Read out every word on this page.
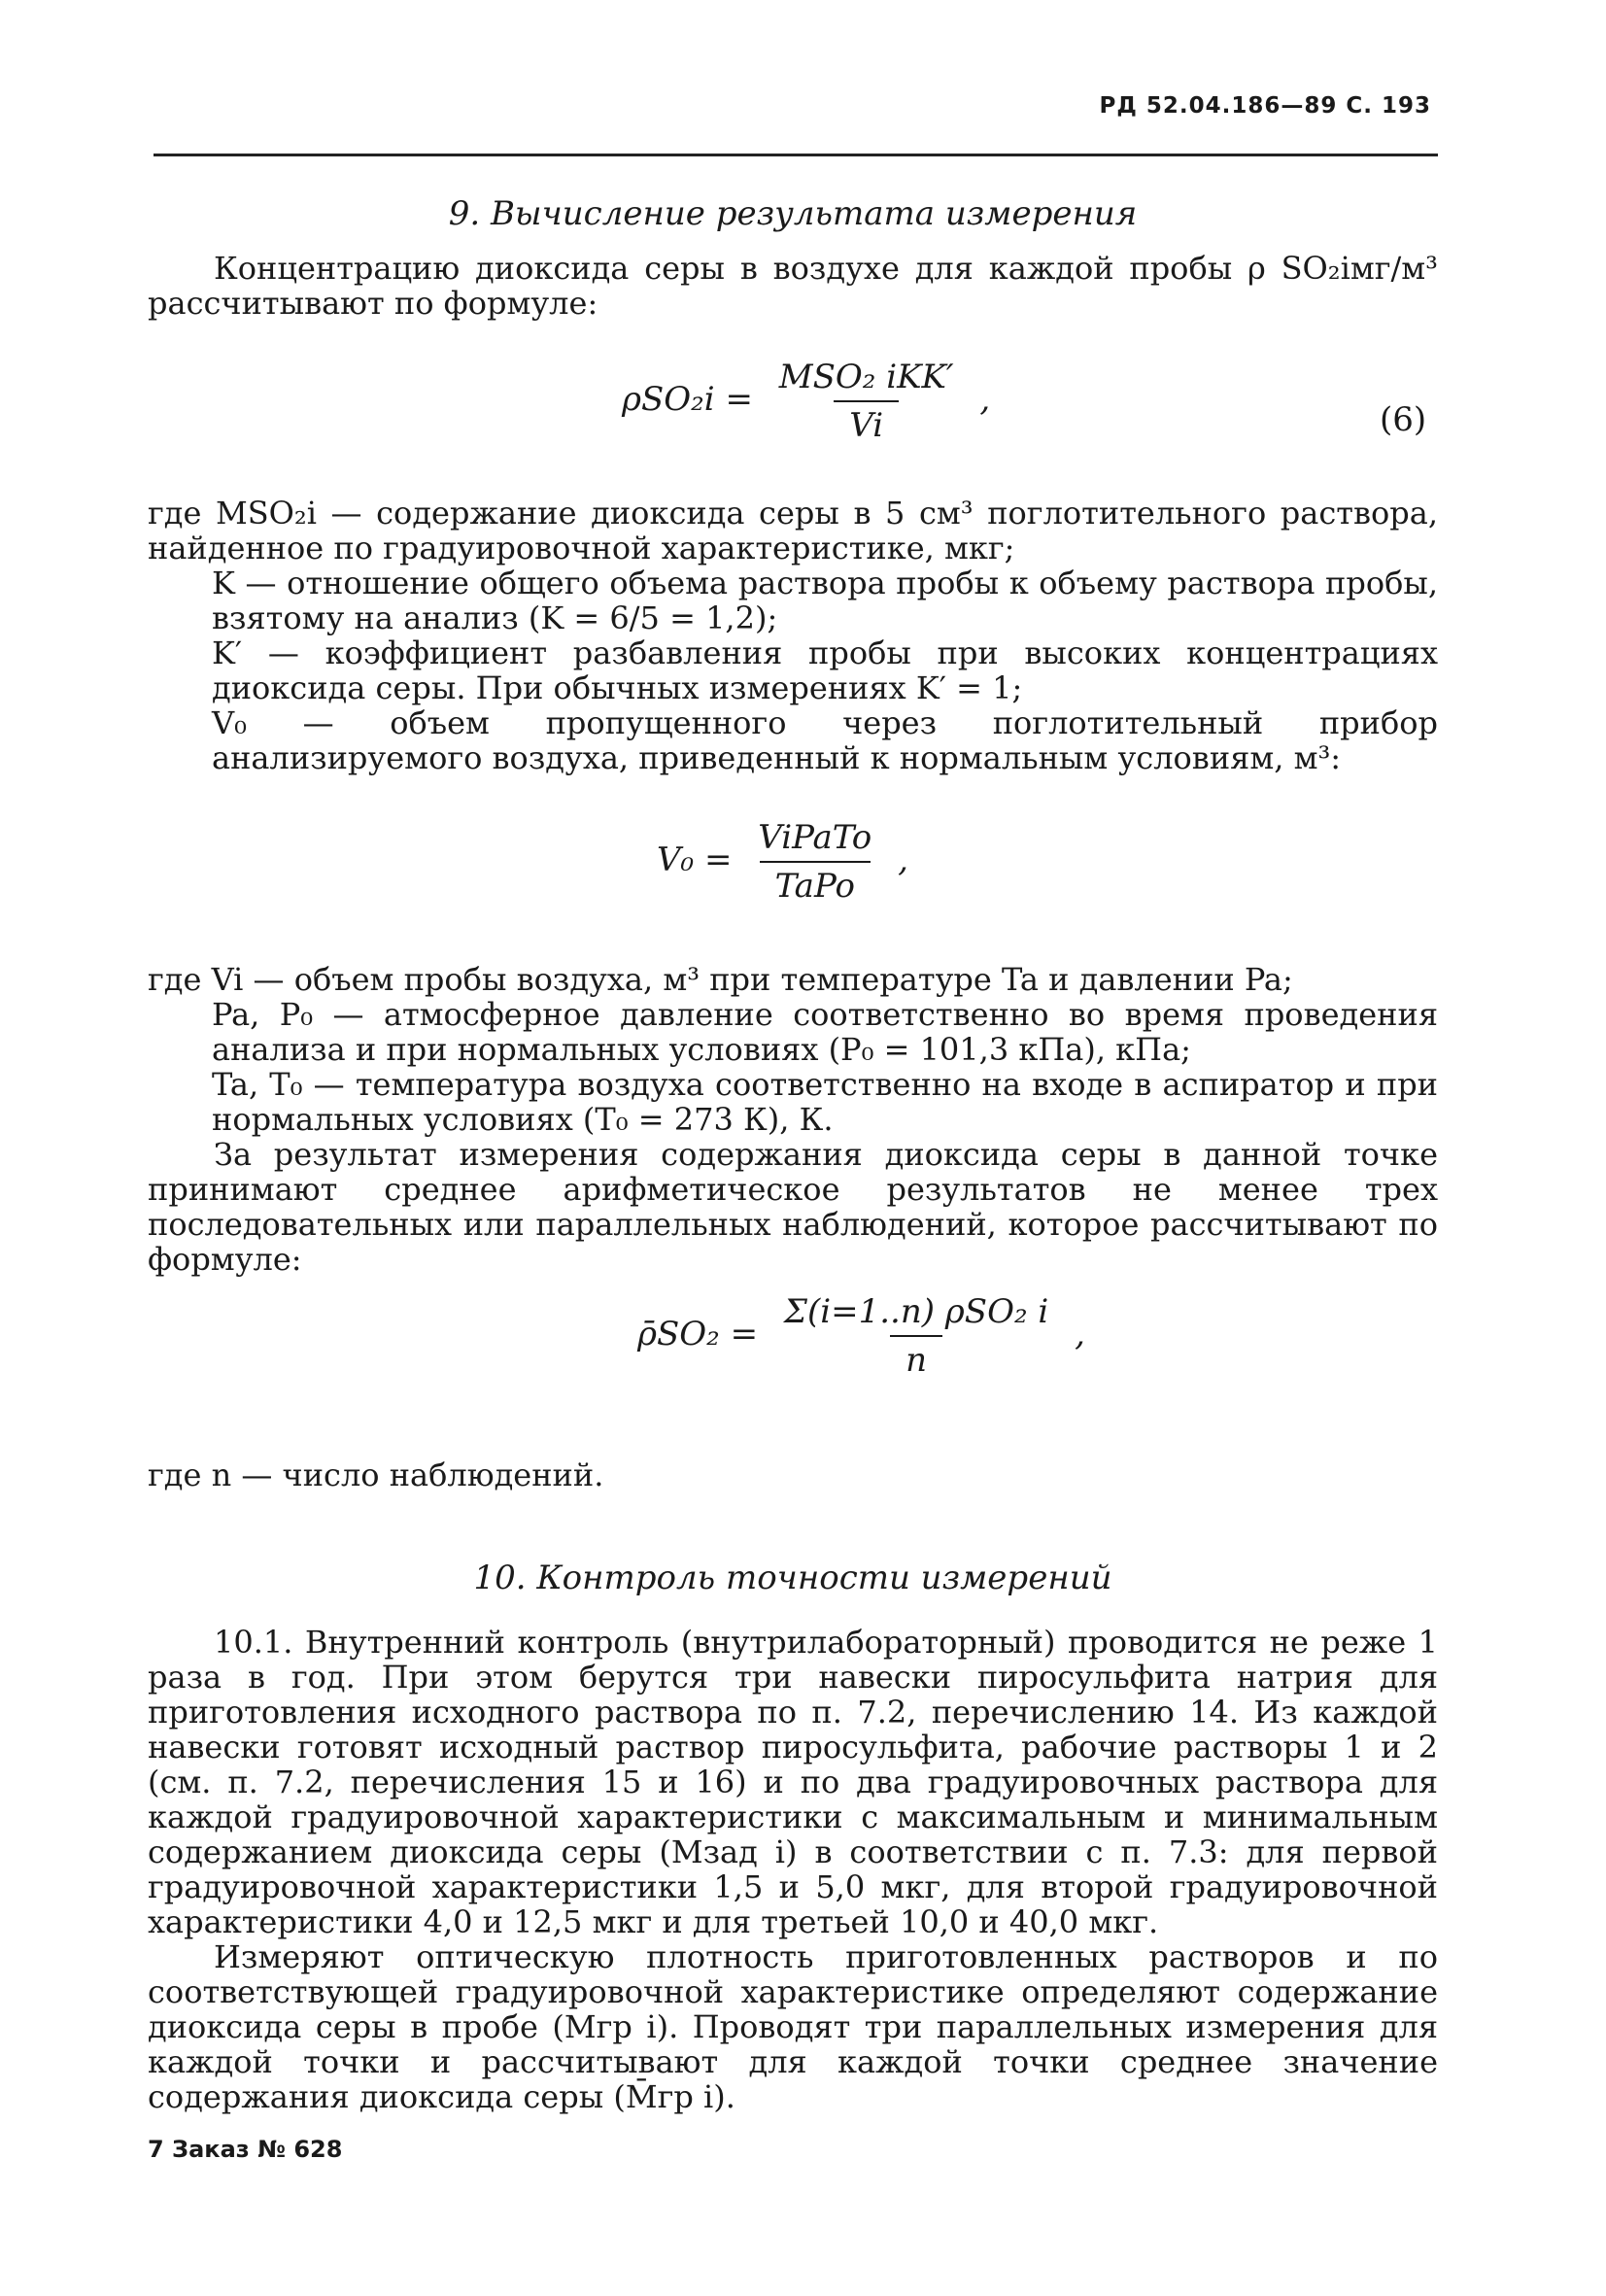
РД 52.04.186—89 С. 193
9. Вычисление результата измерения
Концентрацию диоксида серы в воздухе для каждой пробы ρ SO₂iмг/м³ рассчитывают по формуле:
$\rho SO_2i = \frac{\text{MSO₂ iKK′}}{Vi}$ ,
(6)
где MSO₂i — содержание диоксида серы в 5 см³ поглотительного раствора, найденное по градуировочной характеристике, мкг;
K — отношение общего объема раствора пробы к объему раствора пробы, взятому на анализ (K = 6/5 = 1,2);
K′ — коэффициент разбавления пробы при высоких концентрациях диоксида серы. При обычных измерениях K′ = 1;
V₀ — объем пропущенного через поглотительный прибор анализируемого воздуха, приведенный к нормальным условиям, м³:
$V_0 = \frac{\text{ViPaTo}}{\text{TaPo}}$ ,
где Vi — объем пробы воздуха, м³ при температуре Ta и давлении Pa;
Pa, P₀ — атмосферное давление соответственно во время проведения анализа и при нормальных условиях (P₀ = 101,3 кПа), кПа;
Ta, T₀ — температура воздуха соответственно на входе в аспиратор и при нормальных условиях (T₀ = 273 К), К.
За результат измерения содержания диоксида серы в данной точке принимают среднее арифметическое результатов не менее трех последовательных или параллельных наблюдений, которое рассчитывают по формуле:
ρ̄SO₂ = $\frac{\text{Σ(i=1..n) ρSO₂ i}}{n}$ ,
где n — число наблюдений.
10. Контроль точности измерений
10.1. Внутренний контроль (внутрилабораторный) проводится не реже 1 раза в год. При этом берутся три навески пиросульфита натрия для приготовления исходного раствора по п. 7.2, перечислению 14. Из каждой навески готовят исходный раствор пиросульфита, рабочие растворы 1 и 2 (см. п. 7.2, перечисления 15 и 16) и по два градуировочных раствора для каждой градуировочной характеристики с максимальным и минимальным содержанием диоксида серы (Mзад i) в соответствии с п. 7.3: для первой градуировочной характеристики 1,5 и 5,0 мкг, для второй градуировочной характеристики 4,0 и 12,5 мкг и для третьей 10,0 и 40,0 мкг.
Измеряют оптическую плотность приготовленных растворов и по соответствующей градуировочной характеристике определяют содержание диоксида серы в пробе (Mгр i). Проводят три параллельных измерения для каждой точки и рассчитывают для каждой точки среднее значение содержания диоксида серы (M̄гр i).
7 Заказ № 628
